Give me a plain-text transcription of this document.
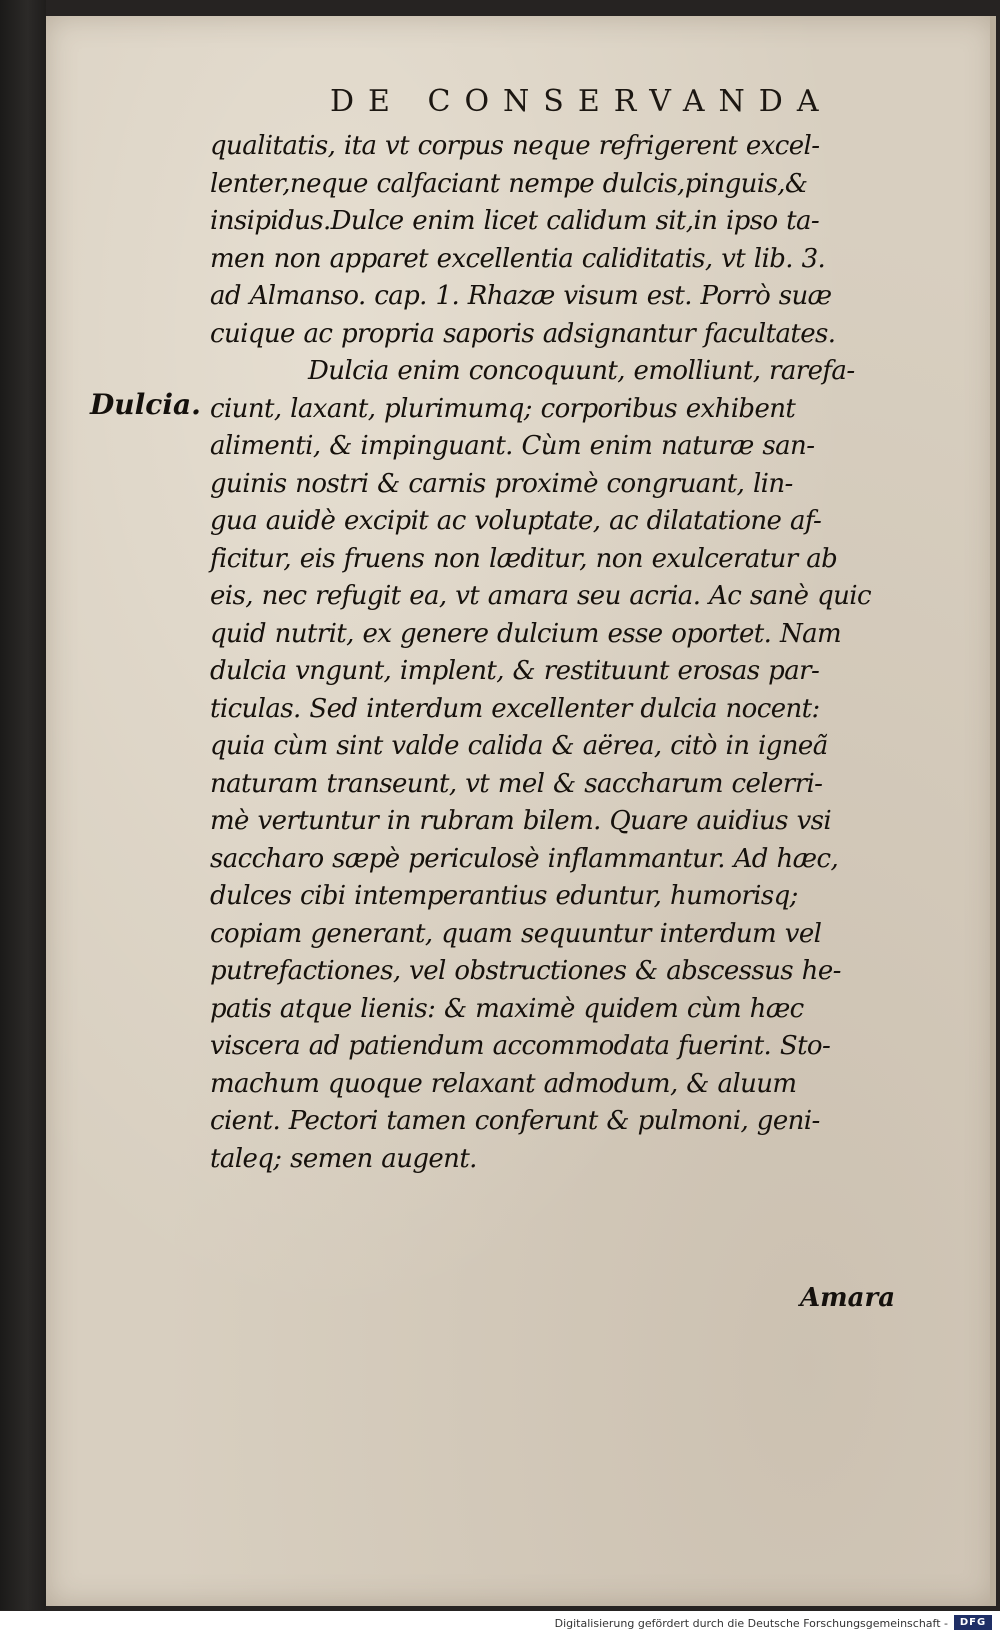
DE CONSERVANDA
Dulcia.
qualitatis, ita vt corpus neque refrigerent excel-
lenter,neque calfaciant nempe dulcis,pinguis,&
insipidus.Dulce enim licet calidum sit,in ipso ta-
men non apparet excellentia caliditatis, vt lib. 3.
ad Almanso. cap. 1. Rhazæ visum est. Porrò suæ
cuique ac propria saporis adsignantur facultates.
Dulcia enim concoquunt, emolliunt, rarefa-
ciunt, laxant, plurimumq; corporibus exhibent
alimenti, & impinguant. Cùm enim naturæ san-
guinis nostri & carnis proximè congruant, lin-
gua auidè excipit ac voluptate, ac dilatatione af-
ficitur, eis fruens non læditur, non exulceratur ab
eis, nec refugit ea, vt amara seu acria. Ac sanè quic
quid nutrit, ex genere dulcium esse oportet. Nam
dulcia vngunt, implent, & restituunt erosas par-
ticulas. Sed interdum excellenter dulcia nocent:
quia cùm sint valde calida & aërea, citò in igneã
naturam transeunt, vt mel & saccharum celerri-
mè vertuntur in rubram bilem. Quare auidius vsi
saccharo sæpè periculosè inflammantur. Ad hæc,
dulces cibi intemperantius eduntur, humorisq;
copiam generant, quam sequuntur interdum vel
putrefactiones, vel obstructiones & abscessus he-
patis atque lienis: & maximè quidem cùm hæc
viscera ad patiendum accommodata fuerint. Sto-
machum quoque relaxant admodum, & aluum
cient. Pectori tamen conferunt & pulmoni, geni-
taleq; semen augent.
Amara
Digitalisierung gefördert durch die Deutsche Forschungsgemeinschaft -	DFG
